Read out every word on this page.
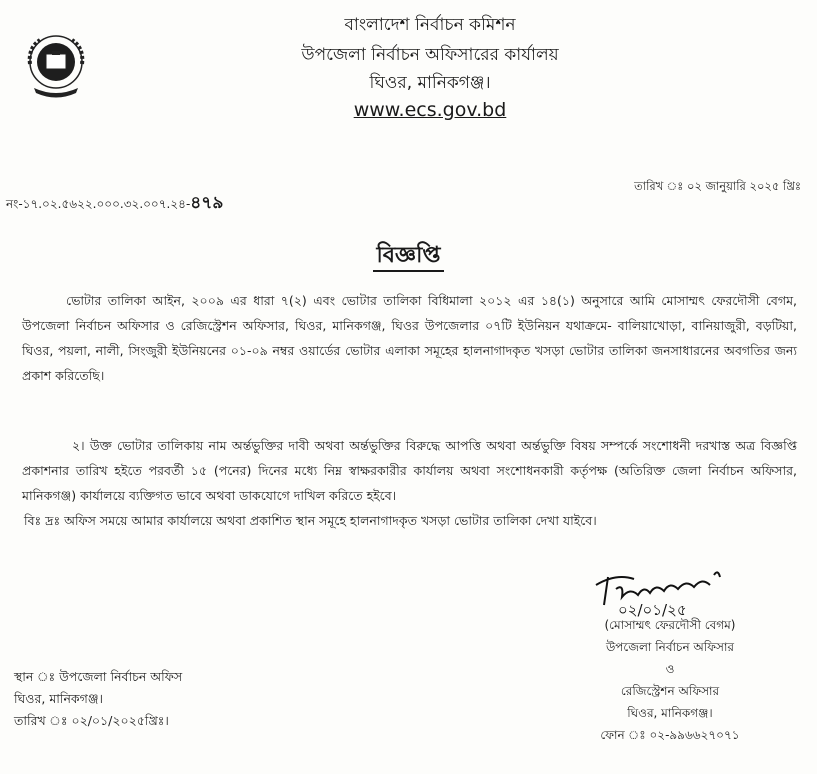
বাংলাদেশ নির্বাচন কমিশন
উপজেলা নির্বাচন অফিসারের কার্যালয়
ঘিওর, মানিকগঞ্জ।
www.ecs.gov.bd
নং-১৭.০২.৫৬২২.০০০.৩২.০০৭.২৪-৪৭৯
তারিখ ঃ ০২ জানুয়ারি ২০২৫ খ্রিঃ
বিজ্ঞপ্তি
ভোটার তালিকা আইন, ২০০৯ এর ধারা ৭(২) এবং ভোটার তালিকা বিধিমালা ২০১২ এর ১৪(১) অনুসারে আমি মোসাম্মৎ ফেরদৌসী বেগম, উপজেলা নির্বাচন অফিসার ও রেজিস্ট্রেশন অফিসার, ঘিওর, মানিকগঞ্জ, ঘিওর উপজেলার ০৭টি ইউনিয়ন যথাক্রমে- বালিয়াখোড়া, বানিয়াজুরী, বড়টিয়া, ঘিওর, পয়লা, নালী, সিংজুরী ইউনিয়নের ০১-০৯ নম্বর ওয়ার্ডের ভোটার এলাকা সমূহের হালনাগাদকৃত খসড়া ভোটার তালিকা জনসাধারনের অবগতির জন্য প্রকাশ করিতেছি।
২। উক্ত ভোটার তালিকায় নাম অর্ন্তভুক্তির দাবী অথবা অর্ন্তভুক্তির বিরুদ্ধে আপত্তি অথবা অর্ন্তভুক্তি বিষয় সম্পর্কে সংশোধনী দরখাস্ত অত্র বিজ্ঞপ্তি প্রকাশনার তারিখ হইতে পরবর্তী ১৫ (পনের) দিনের মধ্যে নিম্ন স্বাক্ষরকারীর কার্যালয় অথবা সংশোধনকারী কর্তৃপক্ষ (অতিরিক্ত জেলা নির্বাচন অফিসার, মানিকগঞ্জ) কার্যালয়ে ব্যক্তিগত ভাবে অথবা ডাকযোগে দাখিল করিতে হইবে।
বিঃ দ্রঃ অফিস সময়ে আমার কার্যালয়ে অথবা প্রকাশিত স্থান সমূহে হালনাগাদকৃত খসড়া ভোটার তালিকা দেখা যাইবে।
০২/০১/২৫
(মোসাম্মৎ ফেরদৌসী বেগম)
উপজেলা নির্বাচন অফিসার
ও
রেজিস্ট্রেশন অফিসার
ঘিওর, মানিকগঞ্জ।
ফোন ঃ ০২-৯৯৬৬২৭০৭১
স্থান ঃ উপজেলা নির্বাচন অফিস
ঘিওর, মানিকগঞ্জ।
তারিখ ঃ ০২/০১/২০২৫খ্রিঃ।
